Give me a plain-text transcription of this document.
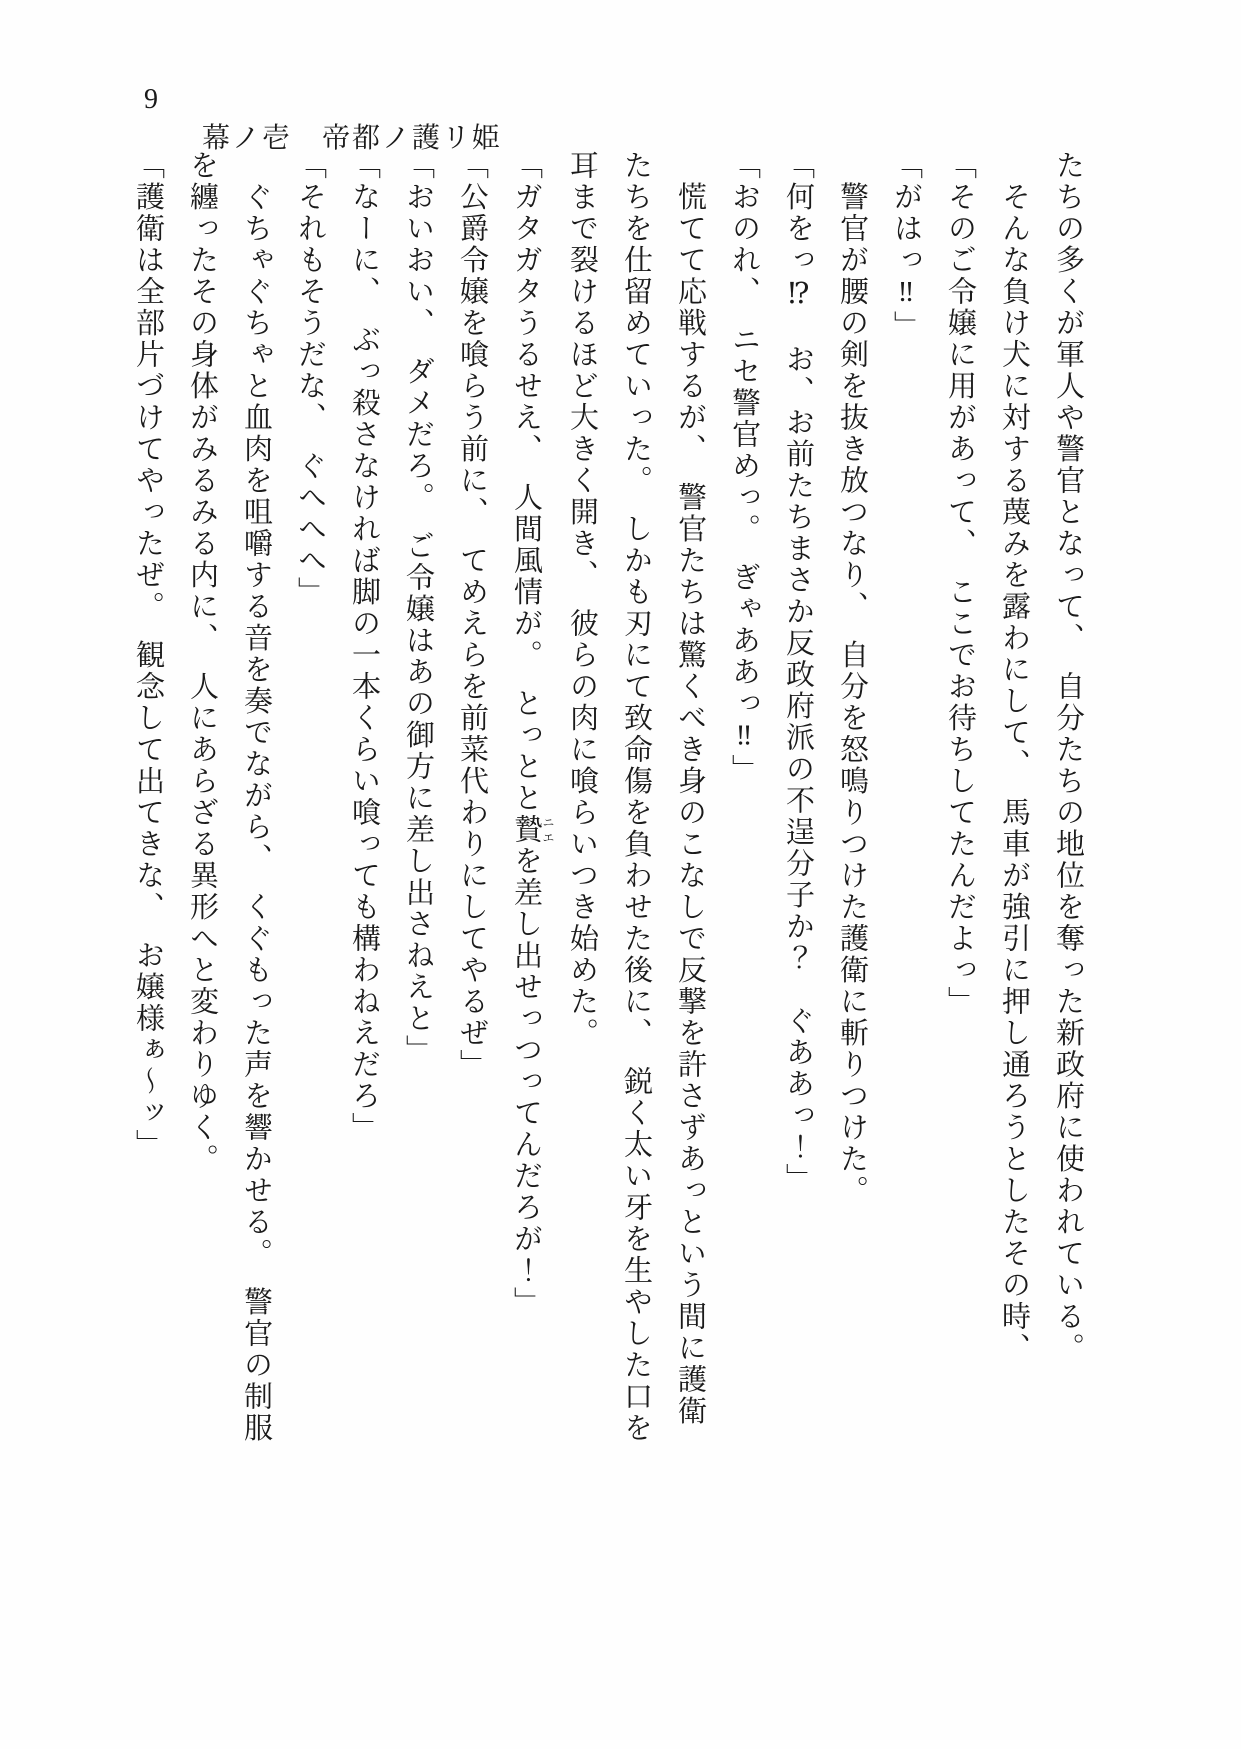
9
幕ノ壱　帝都ノ護リ姫

たちの多くが軍人や警官となって、　自分たちの地位を奪った新政府に使われている。

　そんな負け犬に対する蔑みを露わにして、　馬車が強引に押し通ろうとしたその時、

「そのご令嬢に用があって、　ここでお待ちしてたんだよっ」

「がはっ‼」

　警官が腰の剣を抜き放つなり、　自分を怒鳴りつけた護衛に斬りつけた。

「何をっ⁉　お、お前たちまさか反政府派の不逞分子か？　ぐああっ！」

「おのれ、　ニセ警官めっ。　ぎゃああっ‼」

　慌てて応戦するが、　警官たちは驚くべき身のこなしで反撃を許さずあっという間に護衛

たちを仕留めていった。　しかも刃にて致命傷を負わせた後に、　鋭く太い牙を生やした口を

耳まで裂けるほど大きく開き、　彼らの肉に喰らいつき始めた。

「ガタガタうるせえ、　人間風情が。　とっとと贄 ニエを差し出せっつってんだろが！」

「公爵令嬢を喰らう前に、　てめえらを前菜代わりにしてやるぜ」

「おいおい、　ダメだろ。　ご令嬢はあの御方に差し出さねえと」

「なーに、　ぶっ殺さなければ脚の一本くらい喰っても構わねえだろ」

「それもそうだな、　ぐへへへ」

　ぐちゃぐちゃと血肉を咀嚼する音を奏でながら、　くぐもった声を響かせる。　警官の制服

を纏ったその身体がみるみる内に、　人にあらざる異形へと変わりゆく。

「護衛は全部片づけてやったぜ。　観念して出てきな、　お嬢様ぁ～ッ」
